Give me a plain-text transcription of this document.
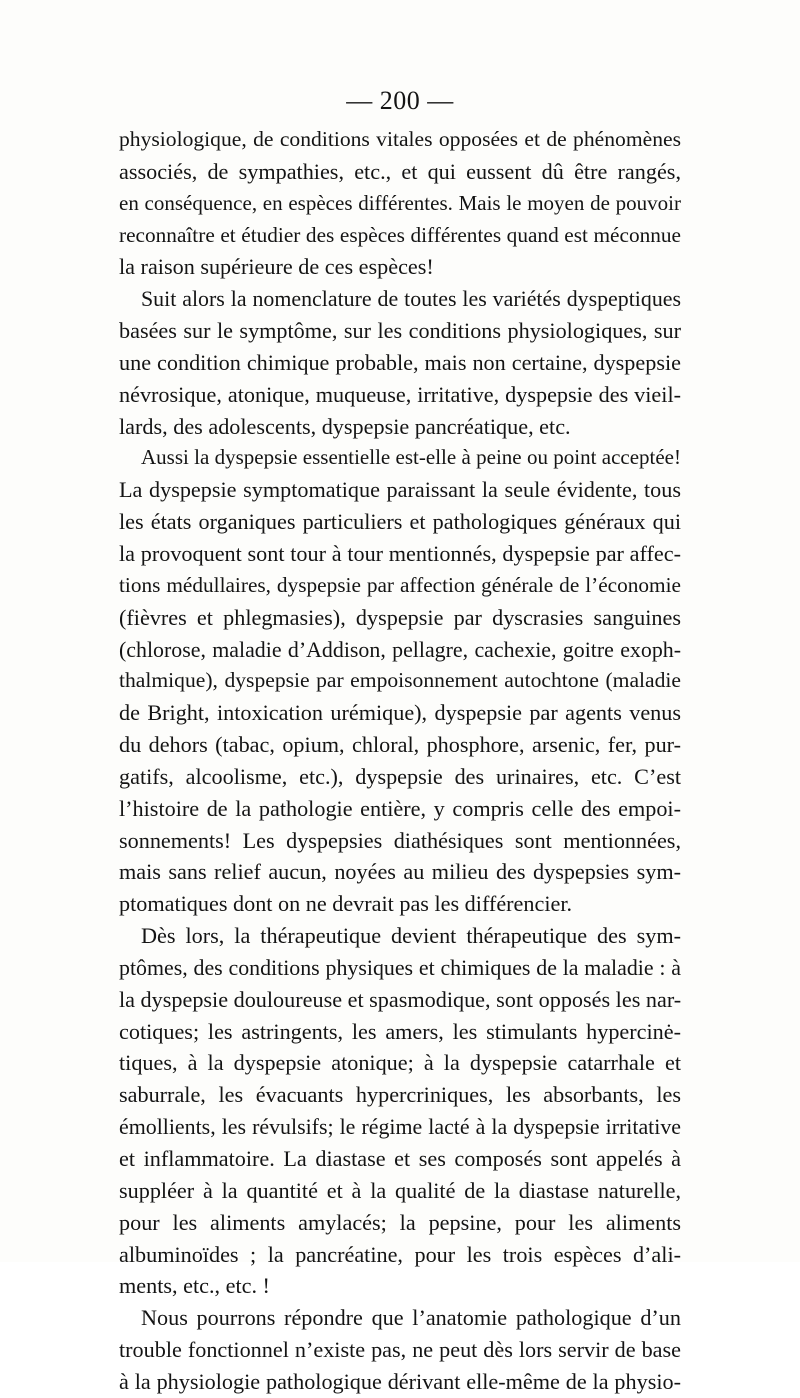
— 200 —
physiologique, de conditions vitales opposées et de phénomènes
associés, de sympathies, etc., et qui eussent dû être rangés,
en conséquence, en espèces différentes. Mais le moyen de pouvoir
reconnaître et étudier des espèces différentes quand est méconnue
la raison supérieure de ces espèces!
Suit alors la nomenclature de toutes les variétés dyspeptiques
basées sur le symptôme, sur les conditions physiologiques, sur
une condition chimique probable, mais non certaine, dyspepsie
névrosique, atonique, muqueuse, irritative, dyspepsie des vieil-
lards, des adolescents, dyspepsie pancréatique, etc.
Aussi la dyspepsie essentielle est-elle à peine ou point acceptée!
La dyspepsie symptomatique paraissant la seule évidente, tous
les états organiques particuliers et pathologiques généraux qui
la provoquent sont tour à tour mentionnés, dyspepsie par affec-
tions médullaires, dyspepsie par affection générale de l’économie
(fièvres et phlegmasies), dyspepsie par dyscrasies sanguines
(chlorose, maladie d’Addison, pellagre, cachexie, goitre exoph-
thalmique), dyspepsie par empoisonnement autochtone (maladie
de Bright, intoxication urémique), dyspepsie par agents venus
du dehors (tabac, opium, chloral, phosphore, arsenic, fer, pur-
gatifs, alcoolisme, etc.), dyspepsie des urinaires, etc. C’est
l’histoire de la pathologie entière, y compris celle des empoi-
sonnements! Les dyspepsies diathésiques sont mentionnées,
mais sans relief aucun, noyées au milieu des dyspepsies sym-
ptomatiques dont on ne devrait pas les différencier.
Dès lors, la thérapeutique devient thérapeutique des sym-
ptômes, des conditions physiques et chimiques de la maladie : à
la dyspepsie douloureuse et spasmodique, sont opposés les nar-
cotiques; les astringents, les amers, les stimulants hypercinė-
tiques, à la dyspepsie atonique; à la dyspepsie catarrhale et
saburrale, les évacuants hypercriniques, les absorbants, les
émollients, les révulsifs; le régime lacté à la dyspepsie irritative
et inflammatoire. La diastase et ses composés sont appelés à
suppléer à la quantité et à la qualité de la diastase naturelle,
pour les aliments amylacés; la pepsine, pour les aliments
albuminoïdes ; la pancréatine, pour les trois espèces d’ali-
ments, etc., etc. !
Nous pourrons répondre que l’anatomie pathologique d’un
trouble fonctionnel n’existe pas, ne peut dès lors servir de base
à la physiologie pathologique dérivant elle-même de la physio-
